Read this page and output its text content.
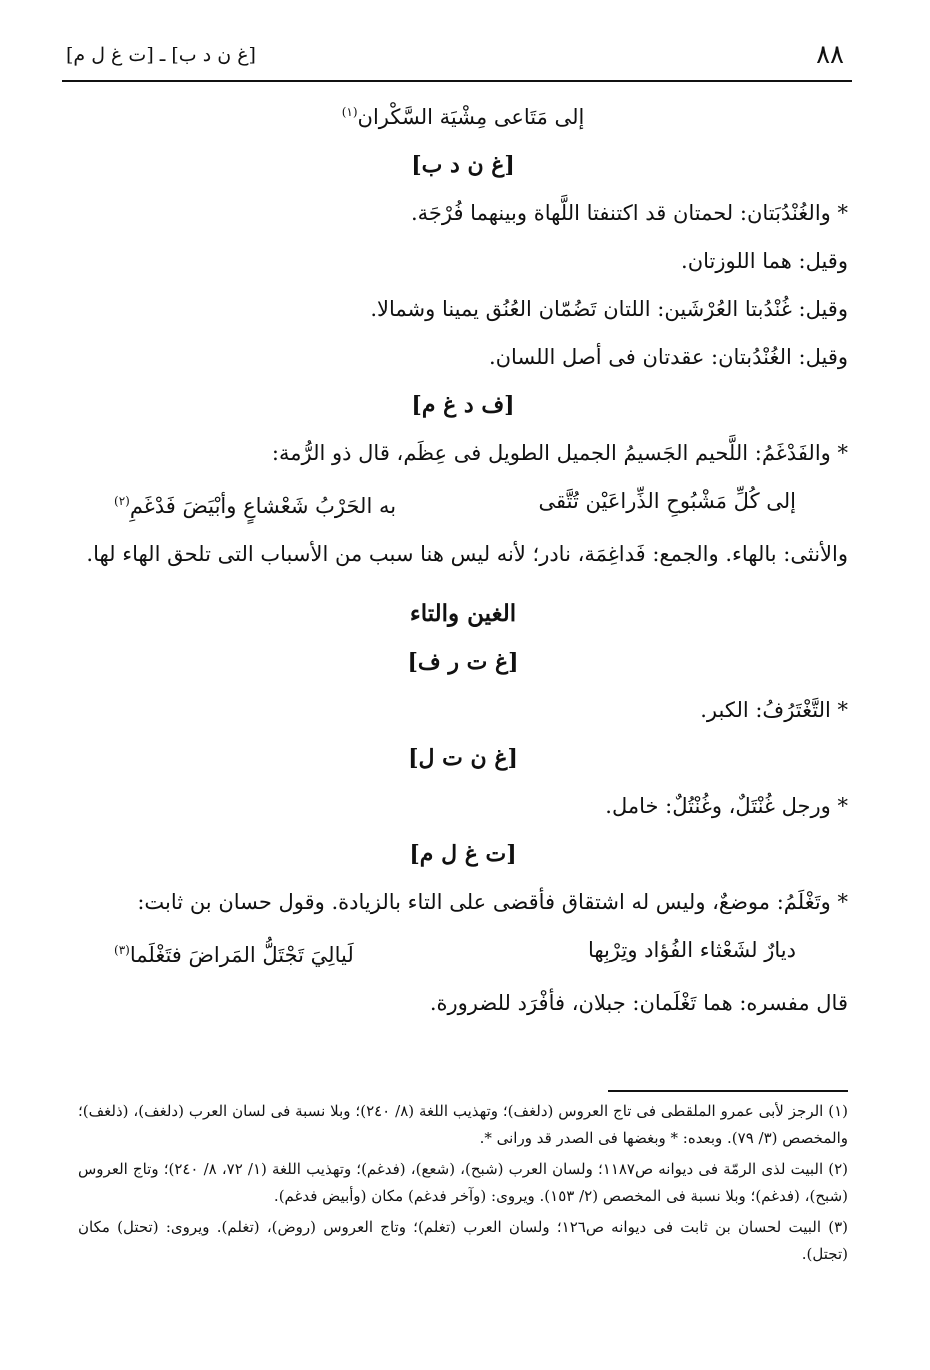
٨٨
[غ ن د ب] ـ [ت غ ل م]

إلى مَتَاعى مِشْيَة السَّكْران$^{(١)}$

[غ ن د ب]

* والغُنْدُبَتان: لحمتان قد اكتنفتا اللَّهاة وبينهما فُرْجَة.

وقيل: هما اللوزتان.

وقيل: غُنْدُبتا العُرْشَين: اللتان تَضُمّان العُنُق يمينا وشمالا.

وقيل: الغُنْدُبتان: عقدتان فى أصل اللسان.

[ف د غ م]

* والفَدْغَمُ: اللَّحيم الجَسيمُ الجميل الطويل فى عِظَم، قال ذو الرُّمة:

إلى كُلِّ مَشْبُوحِ الذِّراعَيْن تُتَّقى
به الحَرْبُ شَعْشاعٍ وأبْيَضَ فَدْغَمِ$^{(٢)}$

والأنثى: بالهاء. والجمع: فَداغِمَة، نادر؛ لأنه ليس هنا سبب من الأسباب التى تلحق الهاء لها.

الغين والتاء

[غ ت ر ف]

* التَّغْتَرُفُ: الكبر.

[غ ن ت ل]

* ورجل غُنْتَلٌ، وغُنْتُلٌ: خامل.

[ت غ ل م]

* وتَغْلَمُ: موضعٌ، وليس له اشتقاق فأقضى على التاء بالزيادة. وقول حسان بن ثابت:

ديارٌ لشَعْثاء الفُؤاد وتِرْبِها
لَيالِيَ تَجْتَلُّ المَراضَ فتَغْلَما$^{(٣)}$

قال مفسره: هما تَغْلَمان: جبلان، فأفْرَد للضرورة.

(١) الرجز لأبى عمرو الملقطى فى تاج العروس (دلغف)؛ وتهذيب اللغة (٨/ ٢٤٠)؛ وبلا نسبة فى لسان العرب (دلغف)، (ذلغف)؛ والمخصص (٣/ ٧٩). وبعده: * وبغضها فى الصدر قد ورانى *.

(٢) البيت لذى الرمّة فى ديوانه ص١١٨٧؛ ولسان العرب (شبح)، (شعع)، (فدغم)؛ وتهذيب اللغة (١/ ٧٢، ٨/ ٢٤٠)؛ وتاج العروس (شبح)، (فدغم)؛ وبلا نسبة فى المخصص (٢/ ١٥٣). ويروى: (وآخر فدغم) مكان (وأبيض فدغم).

(٣) البيت لحسان بن ثابت فى ديوانه ص١٢٦؛ ولسان العرب (تغلم)؛ وتاج العروس (روض)، (تغلم). ويروى: (تحتل) مكان (تجتل).
